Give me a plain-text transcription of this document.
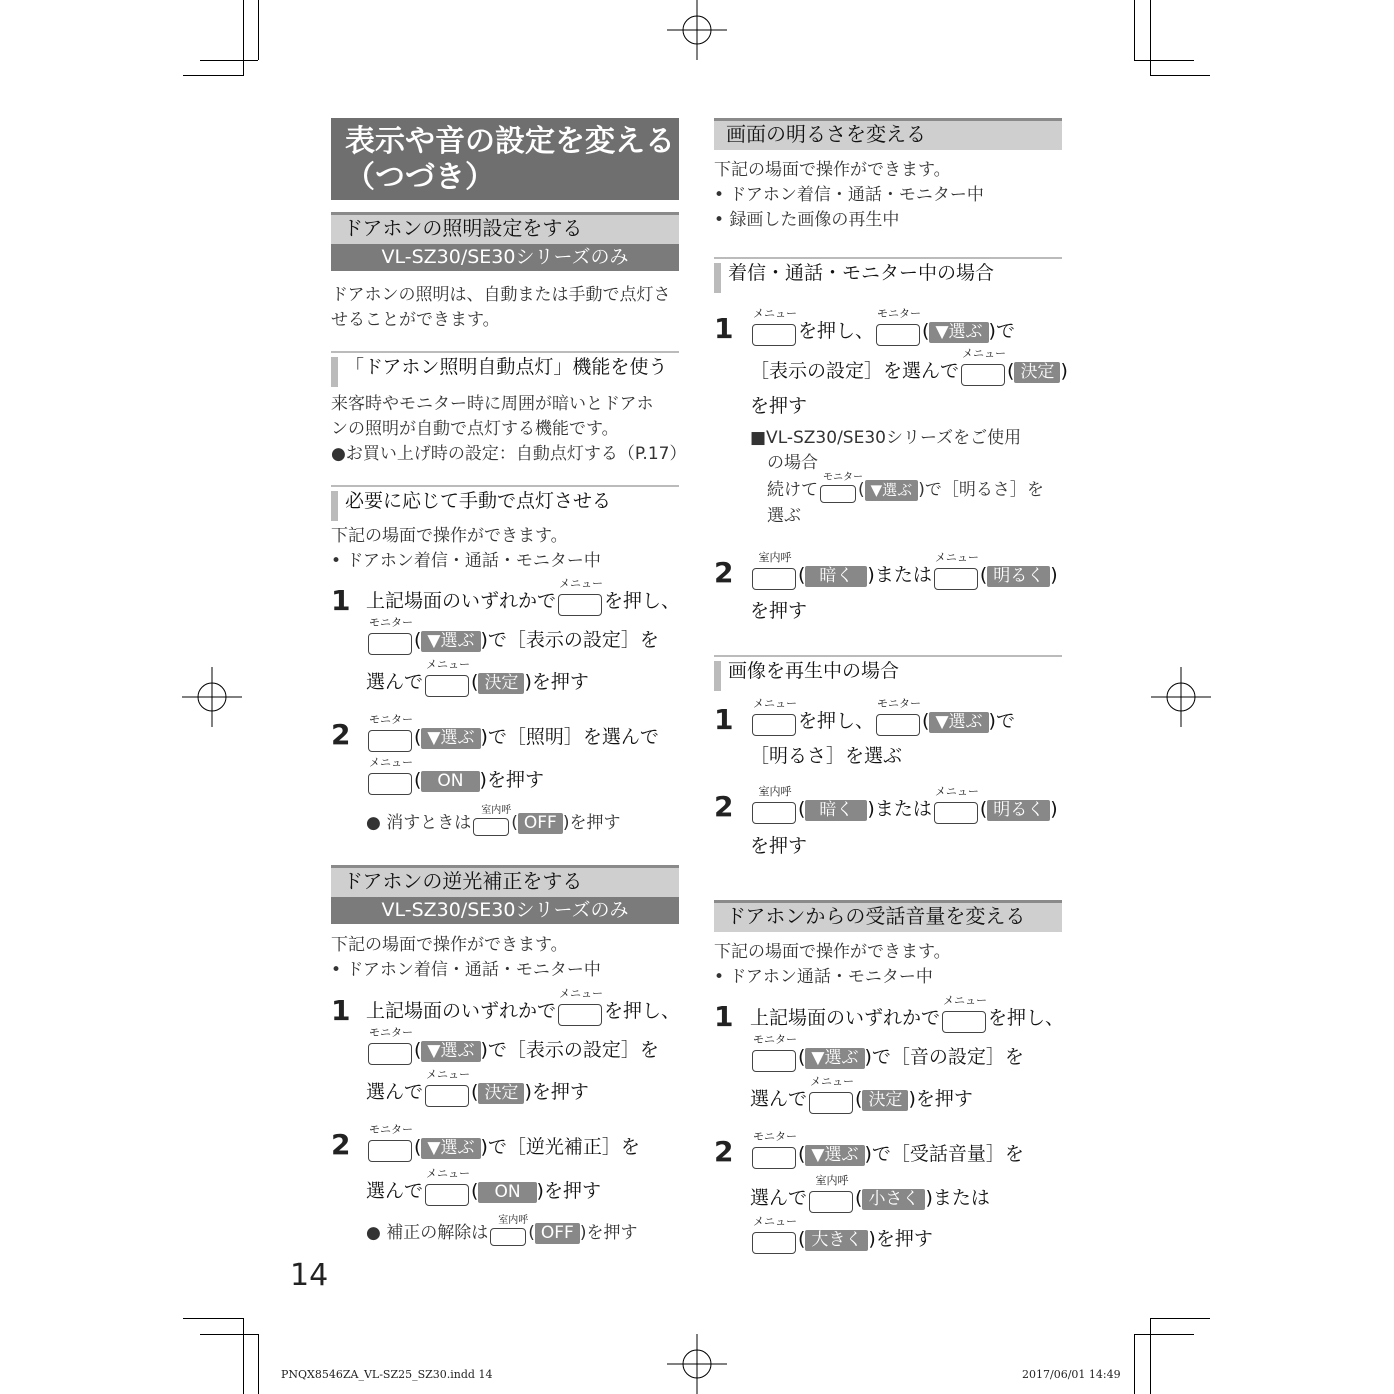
表示や音の設定を変える
（つづき）
ドアホンの照明設定をする
VL-SZ30/SE30シリーズのみ
ドアホンの照明は、自動または手動で点灯さ
せることができます。
「ドアホン照明自動点灯」機能を使う
来客時やモニター時に周囲が暗いとドアホ
ンの照明が自動で点灯する機能です。
●お買い上げ時の設定：自動点灯する（P.17）
必要に応じて手動で点灯させる
下記の場面で操作ができます。
• ドアホン着信・通話・モニター中
1 上記場面のいずれかで
メニュー
を押し、
モニター
( ▼選ぶ )で［表示の設定］を
選んで
メニュー
( 決定 )を押す
2 モニター
( ▼選ぶ )で［照明］を選んで
メニュー
( ON )を押す
● 消すときは
室内呼
( OFF )を押す
ドアホンの逆光補正をする
VL-SZ30/SE30シリーズのみ
下記の場面で操作ができます。
• ドアホン着信・通話・モニター中
1 上記場面のいずれかで
メニュー
を押し、
モニター
( ▼選ぶ )で［表示の設定］を
選んで
メニュー
( 決定 )を押す
2 モニター
( ▼選ぶ )で［逆光補正］を
選んで
メニュー
( ON )を押す
● 補正の解除は
室内呼
( OFF )を押す
画面の明るさを変える
下記の場面で操作ができます。
• ドアホン着信・通話・モニター中
• 録画した画像の再生中
着信・通話・モニター中の場合
1 メニュー
を押し、
モニター
( ▼選ぶ )で
［表示の設定］を選んで
メニュー
( 決定 )
を押す
■VL-SZ30/SE30シリーズをご使用
の場合
続けて
モニター
( ▼選ぶ )で［明るさ］を
選ぶ
2	室内呼
( 暗く )または
メニュー
( 明るく )
を押す
画像を再生中の場合
1 メニュー
を押し、
モニター
( ▼選ぶ )で
［明るさ］を選ぶ
2	室内呼
( 暗く )または
メニュー
( 明るく )
を押す
ドアホンからの受話音量を変える
下記の場面で操作ができます。
• ドアホン通話・モニター中
1 上記場面のいずれかで
メニュー
を押し、
モニター
( ▼選ぶ )で［音の設定］を
選んで
メニュー
( 決定 )を押す
2 モニター
( ▼選ぶ )で［受話音量］を
選んで
室内呼
( 小さく )または
メニュー
( 大きく )を押す
14
PNQX8546ZA_VL-SZ25_SZ30.indd 14	2017/06/01 14:49
